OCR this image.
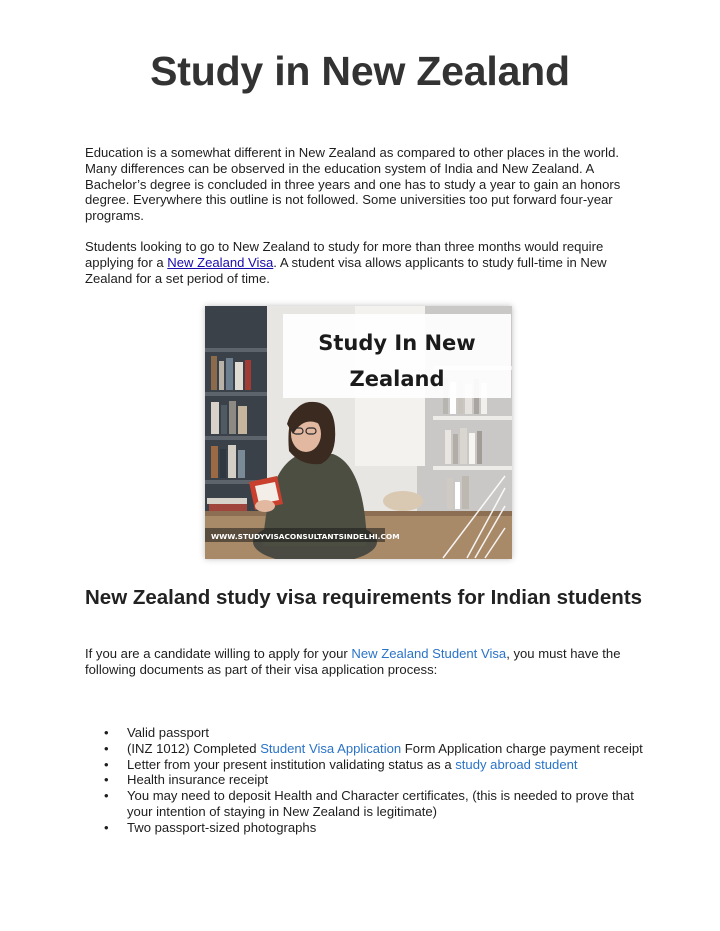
Study in New Zealand

Education is a somewhat different in New Zealand as compared to other places in the world. Many differences can be observed in the education system of India and New Zealand. A Bachelor’s degree is concluded in three years and one has to study a year to gain an honors degree. Everywhere this outline is not followed. Some universities too put forward four-year programs.

Students looking to go to New Zealand to study for more than three months would require applying for a New Zealand Visa. A student visa allows applicants to study full-time in New Zealand for a set period of time.

Study In New
Zealand
WWW.STUDYVISACONSULTANTSINDELHI.COM
New Zealand study visa requirements for Indian students

If you are a candidate willing to apply for your New Zealand Student Visa, you must have the following documents as part of their visa application process:

• Valid passport
• (INZ 1012) Completed Student Visa Application Form Application charge payment receipt
• Letter from your present institution validating status as a study abroad student
• Health insurance receipt
• You may need to deposit Health and Character certificates, (this is needed to prove that your intention of staying in New Zealand is legitimate)
• Two passport-sized photographs
